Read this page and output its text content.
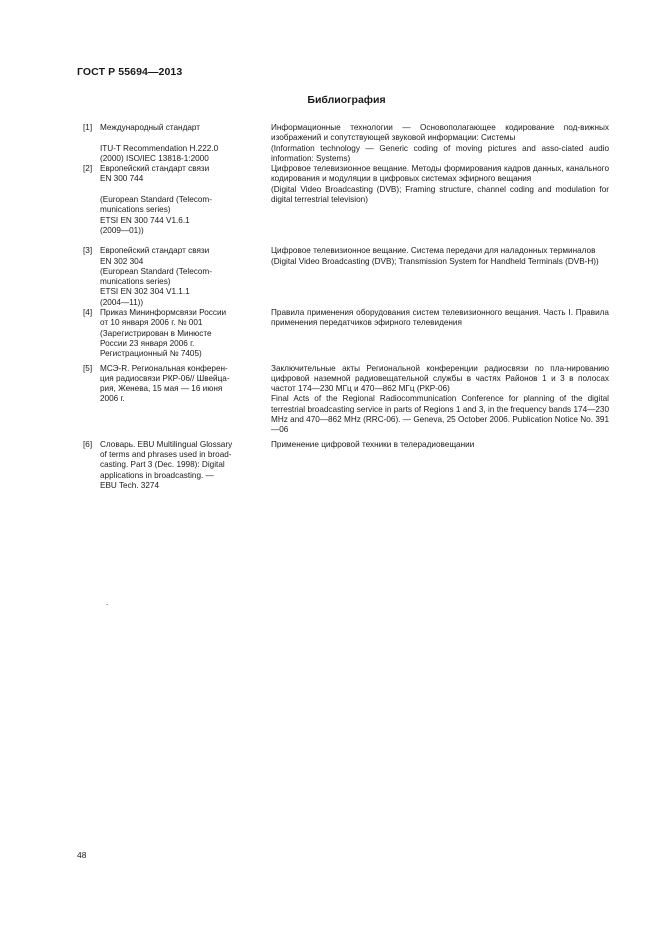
ГОСТ Р 55694—2013
Библиография
[1] Международный стандарт
ITU-T Recommendation H.222.0
(2000) ISO/IEC 13818-1:2000
Информационные технологии — Основополагающее кодирование под-вижных изображений и сопутствующей звуковой информации: Системы
(Information technology — Generic coding of moving pictures and asso-ciated audio information: Systems)
[2] Европейский стандарт связи
EN 300 744
(European Standard (Telecom-
munications series)
ETSI EN 300 744 V1.6.1
(2009—01))
Цифровое телевизионное вещание. Методы формирования кадров данных, канального кодирования и модуляции в цифровых системах эфирного вещания
(Digital Video Broadcasting (DVB); Framing structure, channel coding and modulation for digital terrestrial television)
[3] Европейский стандарт связи
EN 302 304
(European Standard (Telecom-
munications series)
ETSI EN 302 304 V1.1.1
(2004—11))
Цифровое телевизионное вещание. Система передачи для наладонных терминалов
(Digital Video Broadcasting (DVB); Transmission System for Handheld Terminals (DVB-H))
[4] Приказ Мининформсвязи России
от 10 января 2006 г. № 001
(Зарегистрирован в Минюсте
России 23 января 2006 г.
Регистрационный № 7405)
Правила применения оборудования систем телевизионного вещания. Часть I. Правила применения передатчиков эфирного телевидения
[5] МСЭ-R. Региональная конферен-
ция радиосвязи РКР-06// Швейца-
рия, Женева, 15 мая — 16 июня
2006 г.
Заключительные акты Региональной конференции радиосвязи по пла-нированию цифровой наземной радиовещательной службы в частях Районов 1 и 3 в полосах частот 174—230 МГц и 470—862 МГц (РКР-06)
Final Acts of the Regional Radiocommunication Conference for planning of the digital terrestrial broadcasting service in parts of Regions 1 and 3, in the frequency bands 174—230 MHz and 470—862 MHz (RRC-06). — Geneva, 25 October 2006. Publication Notice No. 391—06
[6] Словарь. EBU Multilingual Glossary
of terms and phrases used in broad-
casting. Part 3 (Dec. 1998): Digital
applications in broadcasting. —
EBU Tech. 3274
Применение цифровой техники в телерадиовещании
.
48
